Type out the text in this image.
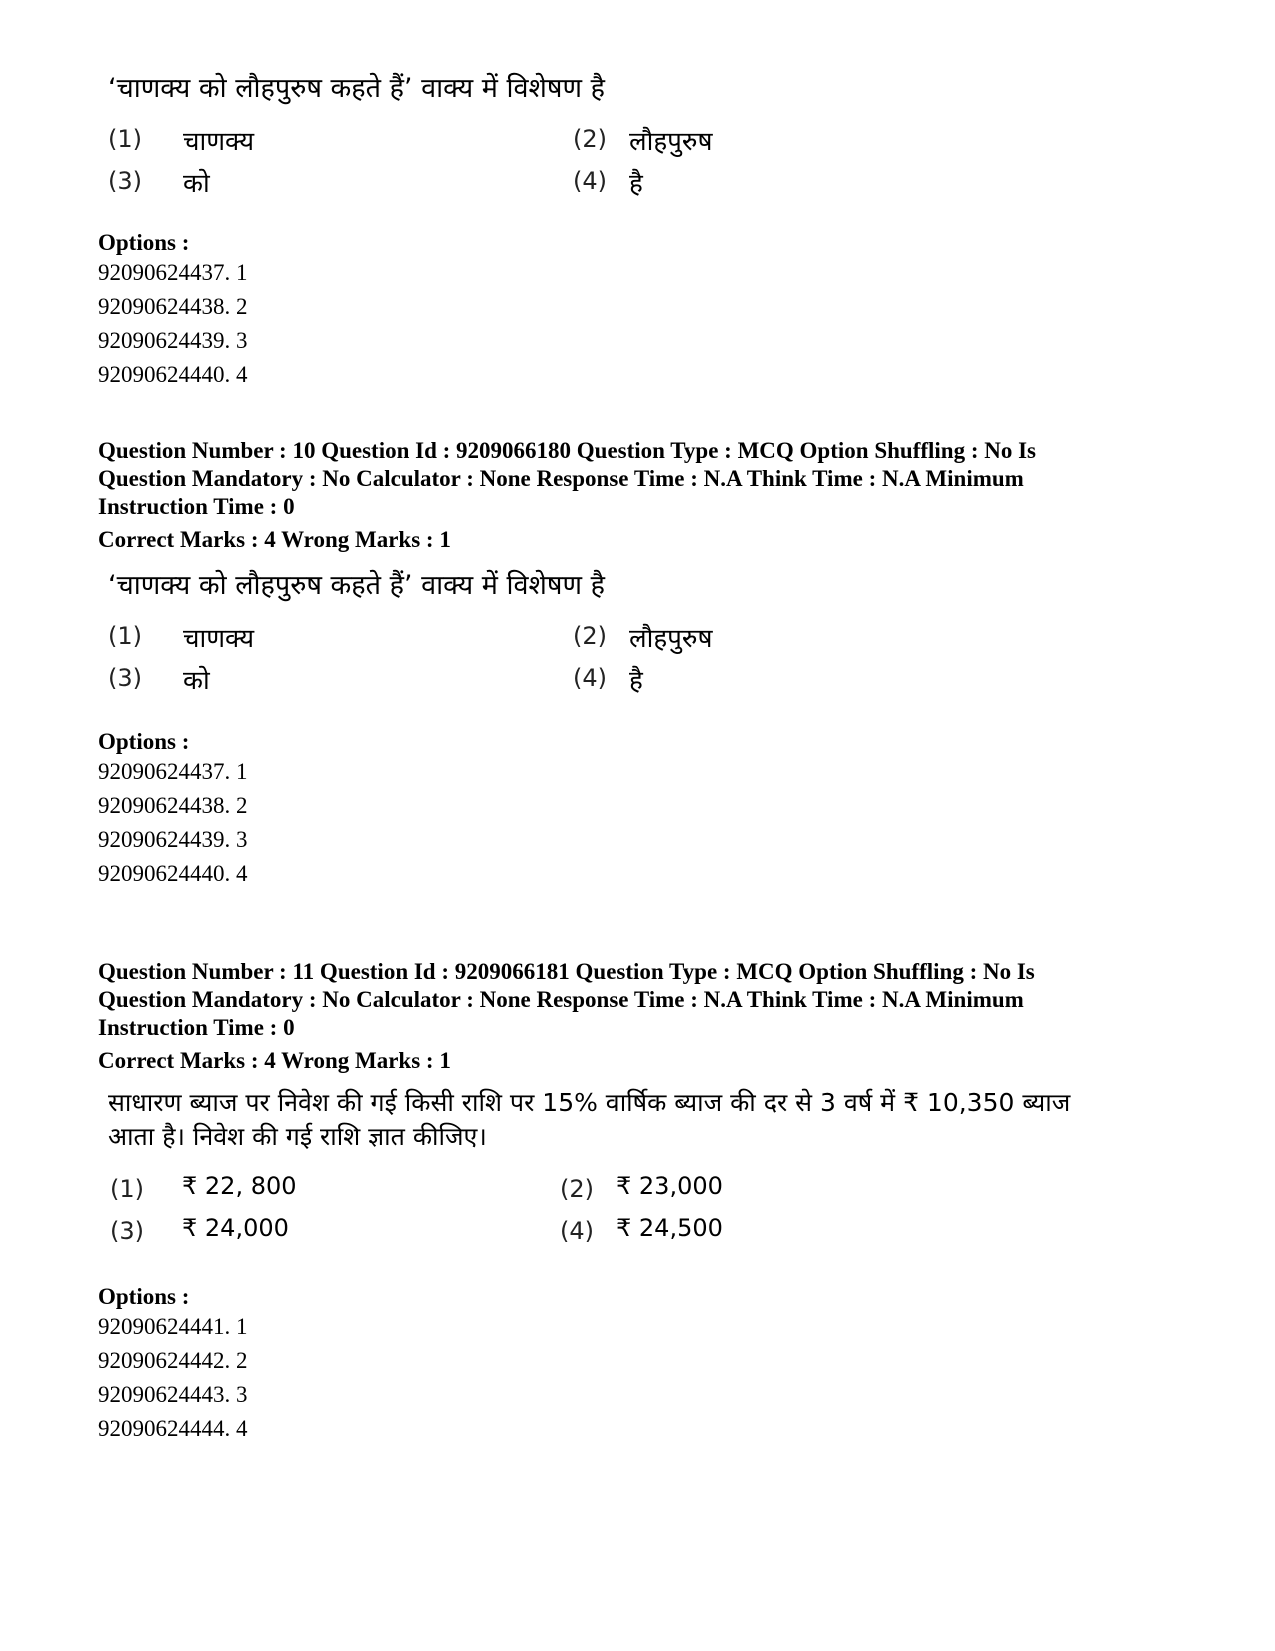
‘चाणक्य को लौहपुरुष कहते हैं’ वाक्य में विशेषण है
(1) चाणक्य	(2) लौहपुरुष
(3) को	(4) है

Options :

92090624437. 1
92090624438. 2
92090624439. 3
92090624440. 4
Question Number : 10 Question Id : 9209066180 Question Type : MCQ Option Shuffling : No Is
Question Mandatory : No Calculator : None Response Time : N.A Think Time : N.A Minimum
Instruction Time : 0
Correct Marks : 4 Wrong Marks : 1
‘चाणक्य को लौहपुरुष कहते हैं’ वाक्य में विशेषण है
(1) चाणक्य	(2) लौहपुरुष
(3) को	(4) है

Options :

92090624437. 1
92090624438. 2
92090624439. 3
92090624440. 4
Question Number : 11 Question Id : 9209066181 Question Type : MCQ Option Shuffling : No Is
Question Mandatory : No Calculator : None Response Time : N.A Think Time : N.A Minimum
Instruction Time : 0
Correct Marks : 4 Wrong Marks : 1
साधारण ब्याज पर निवेश की गई किसी राशि पर 15% वार्षिक ब्याज की दर से 3 वर्ष में ₹ 10,350 ब्याज आता है। निवेश की गई राशि ज्ञात कीजिए।
(1) ₹ 22, 800	(2) ₹ 23,000
(3) ₹ 24,000	(4) ₹ 24,500

Options :

92090624441. 1
92090624442. 2
92090624443. 3
92090624444. 4
